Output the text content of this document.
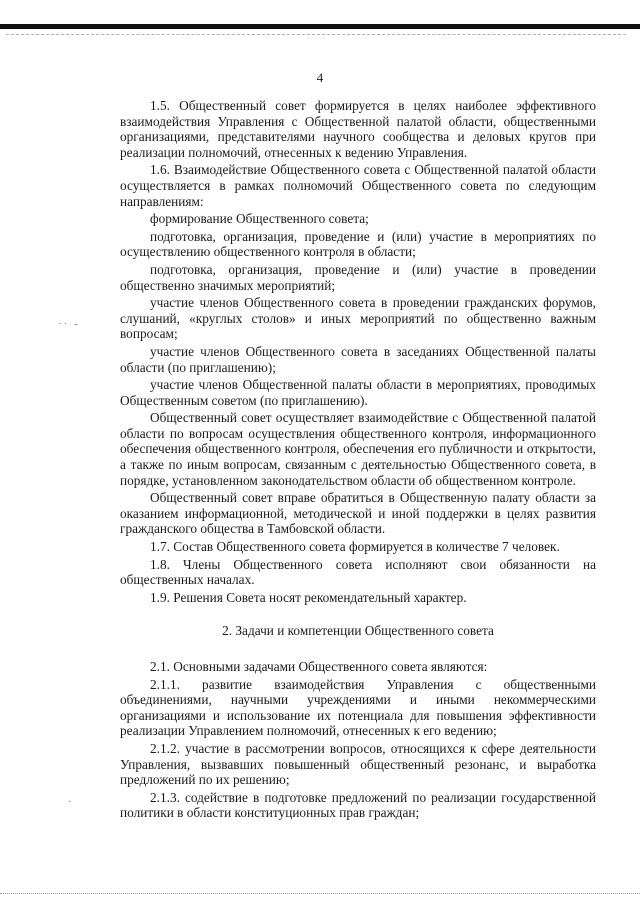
·· -
·
4

1.5. Общественный совет формируется в целях наиболее эффективного взаимодействия Управления с Общественной палатой области, общественными организациями, представителями научного сообщества и деловых кругов при реализации полномочий, отнесенных к ведению Управления.

1.6. Взаимодействие Общественного совета с Общественной палатой области осуществляется в рамках полномочий Общественного совета по следующим направлениям:

формирование Общественного совета;

подготовка, организация, проведение и (или) участие в мероприятиях по осуществлению общественного контроля в области;

подготовка, организация, проведение и (или) участие в проведении общественно значимых мероприятий;

участие членов Общественного совета в проведении гражданских форумов, слушаний, «круглых столов» и иных мероприятий по общественно важным вопросам;

участие членов Общественного совета в заседаниях Общественной палаты области (по приглашению);

участие членов Общественной палаты области в мероприятиях, проводимых Общественным советом (по приглашению).

Общественный совет осуществляет взаимодействие с Общественной палатой области по вопросам осуществления общественного контроля, информационного обеспечения общественного контроля, обеспечения его публичности и открытости, а также по иным вопросам, связанным с деятельностью Общественного совета, в порядке, установленном законодательством области об общественном контроле.

Общественный совет вправе обратиться в Общественную палату области за оказанием информационной, методической и иной поддержки в целях развития гражданского общества в Тамбовской области.

1.7. Состав Общественного совета формируется в количестве 7 человек.

1.8. Члены Общественного совета исполняют свои обязанности на общественных началах.

1.9. Решения Совета носят рекомендательный характер.

2. Задачи и компетенции Общественного совета

2.1. Основными задачами Общественного совета являются:

2.1.1. развитие взаимодействия Управления с общественными объединениями, научными учреждениями и иными некоммерческими организациями и использование их потенциала для повышения эффективности реализации Управлением полномочий, отнесенных к его ведению;

2.1.2. участие в рассмотрении вопросов, относящихся к сфере деятельности Управления, вызвавших повышенный общественный резонанс, и выработка предложений по их решению;

2.1.3. содействие в подготовке предложений по реализации государственной политики в области конституционных прав граждан;
